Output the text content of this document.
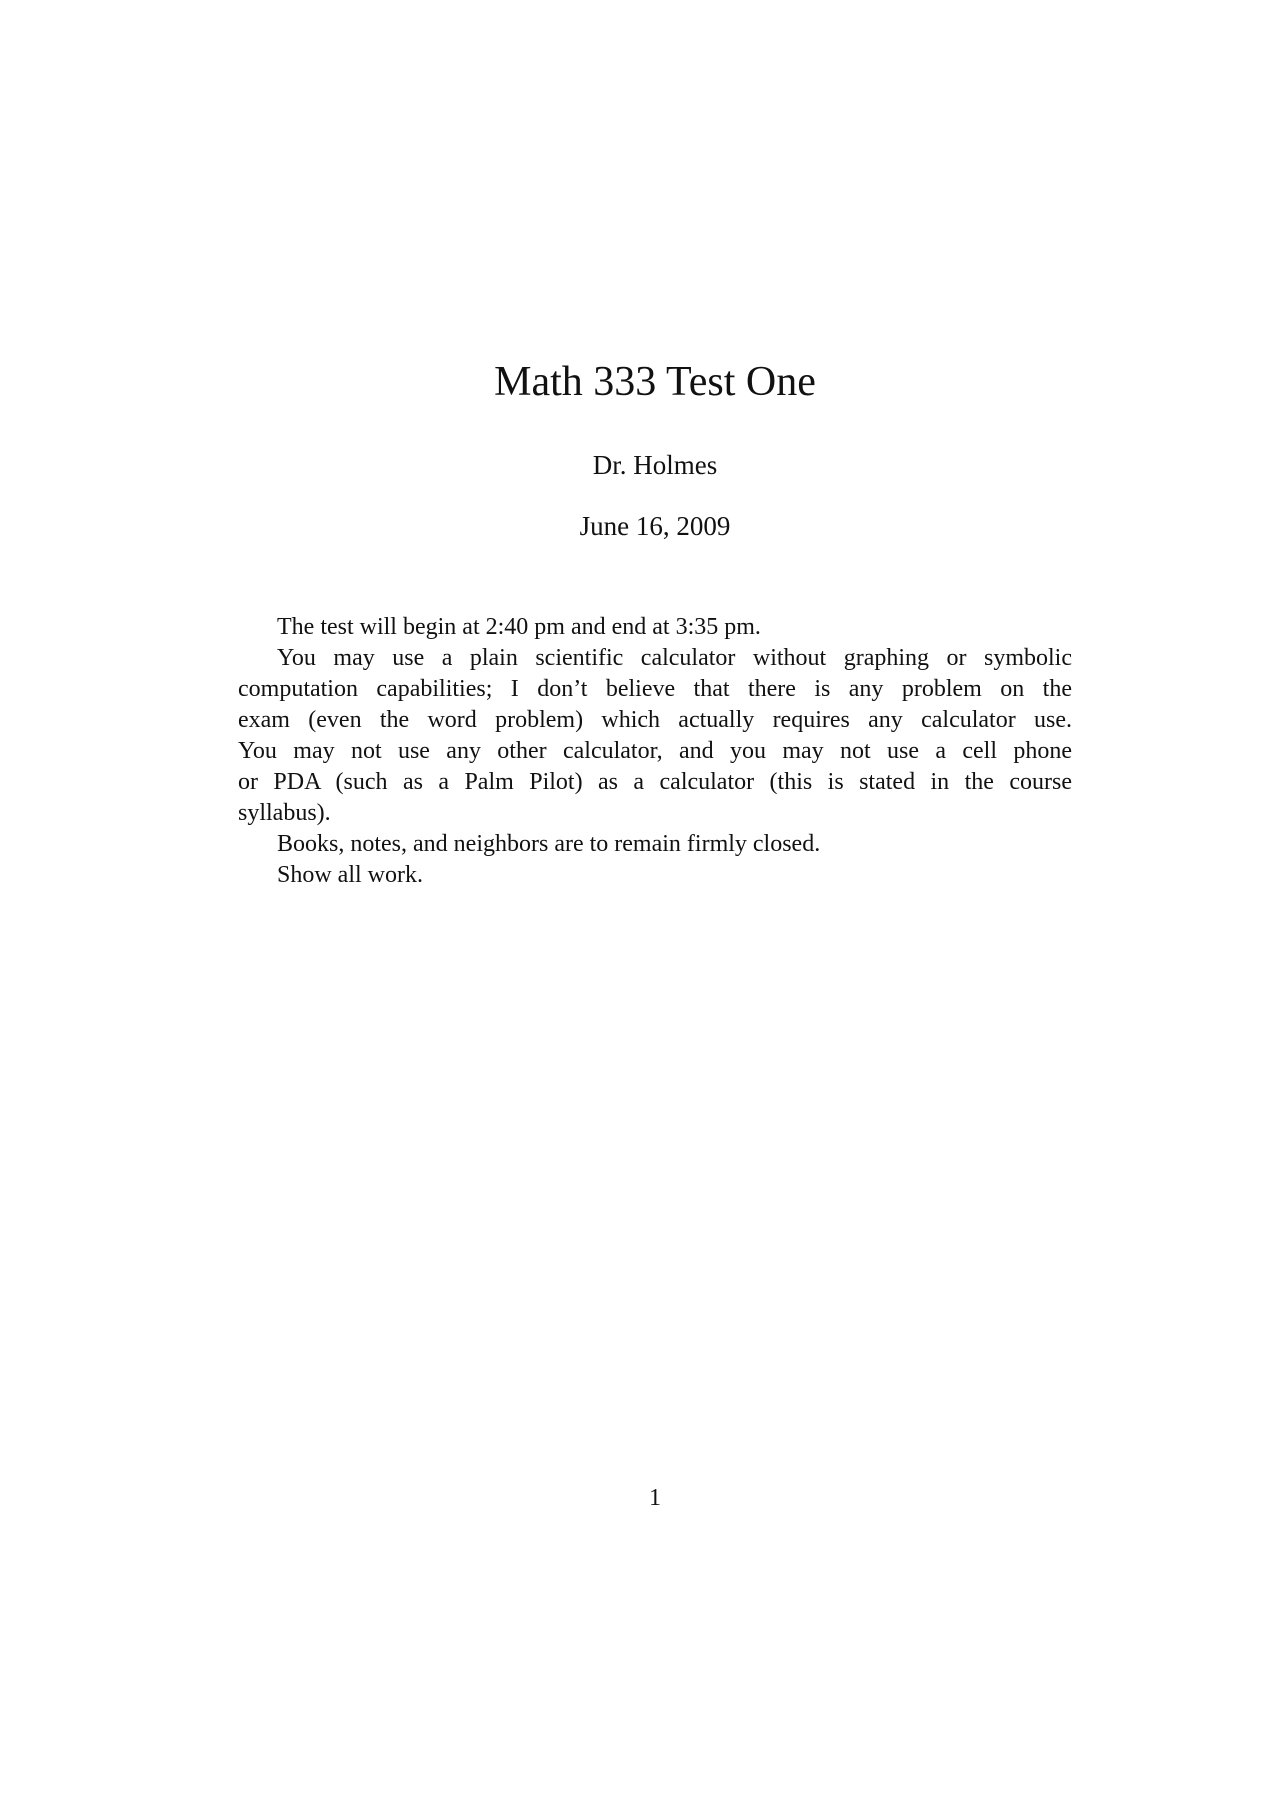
Math 333 Test One
Dr. Holmes
June 16, 2009
The test will begin at 2:40 pm and end at 3:35 pm.
You may use a plain scientific calculator without graphing or symbolic
computation capabilities; I don’t believe that there is any problem on the
exam (even the word problem) which actually requires any calculator use.
You may not use any other calculator, and you may not use a cell phone
or PDA (such as a Palm Pilot) as a calculator (this is stated in the course
syllabus).
Books, notes, and neighbors are to remain firmly closed.
Show all work.
1
